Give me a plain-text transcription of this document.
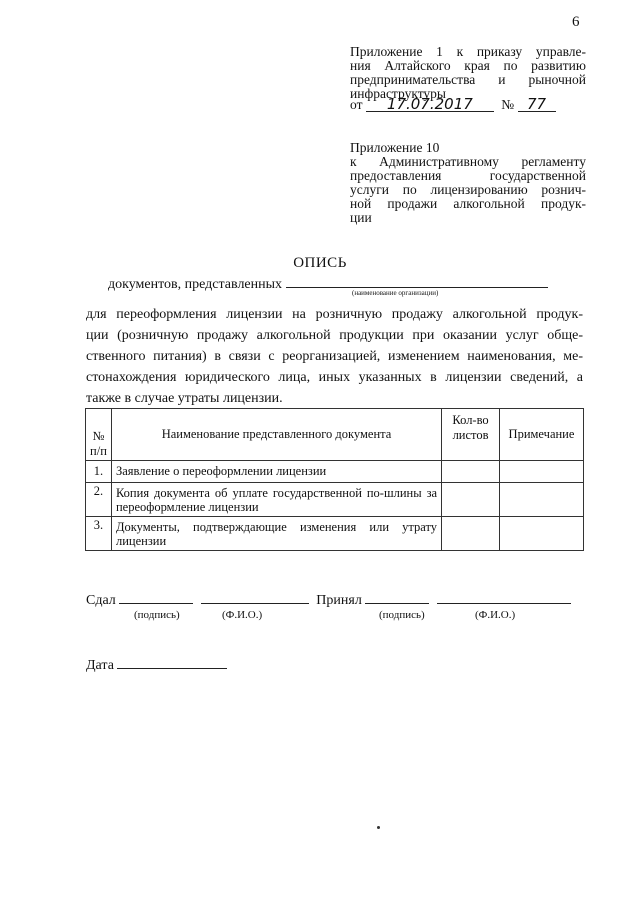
6
Приложение 1 к приказу управле-
ния Алтайского края по развитию
предпринимательства и рыночной
инфраструктуры
от 17.07.2017 № 77
Приложение 10
к Административному регламенту
предоставления государственной
услуги по лицензированию рознич-
ной продажи алкогольной продук-
ции
ОПИСЬ
документов, представленных
(наименование организации)
для переоформления лицензии на розничную продажу алкогольной продук-
ции (розничную продажу алкогольной продукции при оказании услуг обще-
ственного питания) в связи с реорганизацией, изменением наименования, ме-
стонахождения юридического лица, иных указанных в лицензии сведений, а
также в случае утраты лицензии.
№ п/п	Наименование представленного документа	Кол-во листов	Примечание
1.	Заявление о переоформлении лицензии		
2.	Копия документа об уплате государственной по-шлины за переоформление лицензии		
3.	Документы, подтверждающие изменения или утрату лицензии		
Сдал	Принял
(подпись)	(Ф.И.О.)	(подпись)	(Ф.И.О.)
Дата
